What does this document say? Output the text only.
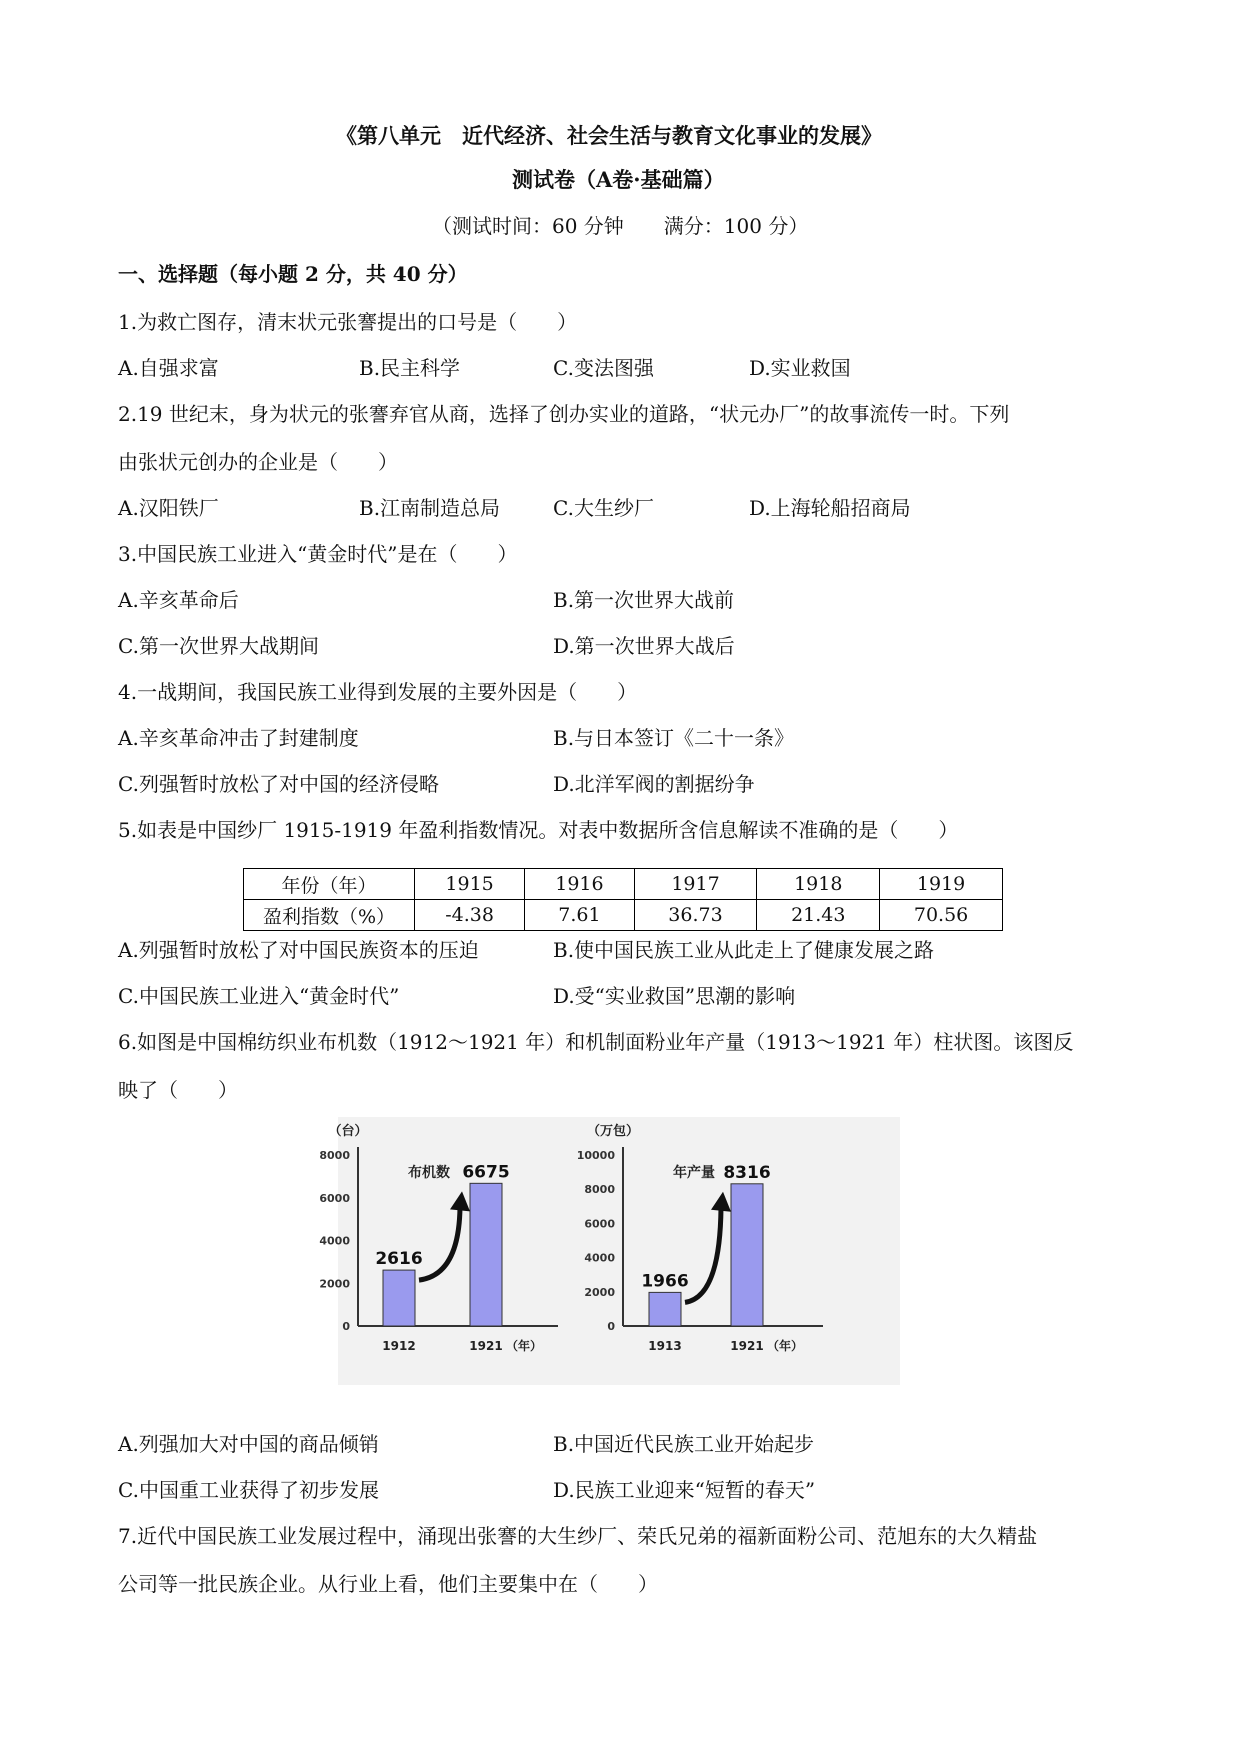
《第八单元　近代经济、社会生活与教育文化事业的发展》
测试卷（A卷·基础篇）
（测试时间：60 分钟　　满分：100 分）
一、选择题（每小题 2 分，共 40 分）
1.为救亡图存，清末状元张謇提出的口号是（　　）
A.自强求富	B.民主科学	C.变法图强	D.实业救国
2.19 世纪末，身为状元的张謇弃官从商，选择了创办实业的道路，“状元办厂”的故事流传一时。下列
由张状元创办的企业是（　　）
A.汉阳铁厂	B.江南制造总局	C.大生纱厂	D.上海轮船招商局
3.中国民族工业进入“黄金时代”是在（　　）
A.辛亥革命后	B.第一次世界大战前
C.第一次世界大战期间	D.第一次世界大战后
4.一战期间，我国民族工业得到发展的主要外因是（　　）
A.辛亥革命冲击了封建制度	B.与日本签订《二十一条》
C.列强暂时放松了对中国的经济侵略	D.北洋军阀的割据纷争
5.如表是中国纱厂 1915-1919 年盈利指数情况。对表中数据所含信息解读不准确的是（　　）
年份（年）	1915	1916	1917	1918	1919
盈利指数（%）	-4.38	7.61	36.73	21.43	70.56
A.列强暂时放松了对中国民族资本的压迫	B.使中国民族工业从此走上了健康发展之路
C.中国民族工业进入“黄金时代”	D.受“实业救国”思潮的影响
6.如图是中国棉纺织业布机数（1912～1921 年）和机制面粉业年产量（1913～1921 年）柱状图。该图反
映了（　　）
（台）
8000
6000
4000
2000
0
布机数
2616
1912
6675
1921 （年）
（万包）
10000
8000
6000
4000
2000
0
年产量
1966
1913
8316
1921 （年）
A.列强加大对中国的商品倾销	B.中国近代民族工业开始起步
C.中国重工业获得了初步发展	D.民族工业迎来“短暂的春天”
7.近代中国民族工业发展过程中，涌现出张謇的大生纱厂、荣氏兄弟的福新面粉公司、范旭东的大久精盐
公司等一批民族企业。从行业上看，他们主要集中在（　　）
